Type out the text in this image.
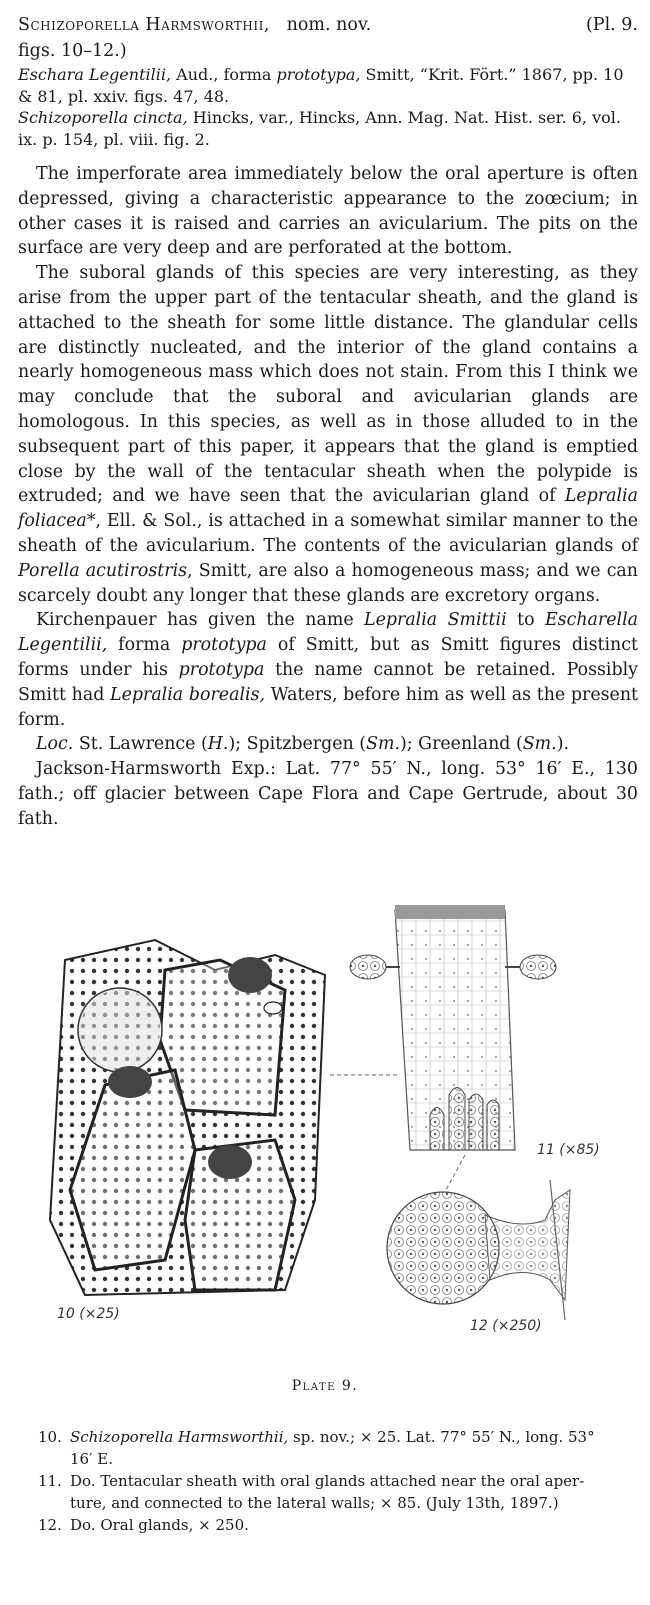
(Pl. 9.
Schizoporella Harmsworthii, nom. nov.
figs. 10–12.)

Eschara Legentilii, Aud., forma prototypa, Smitt, “Krit. Fört.” 1867, pp. 10 & 81, pl. xxiv. figs. 47, 48.

Schizoporella cincta, Hincks, var., Hincks, Ann. Mag. Nat. Hist. ser. 6, vol. ix. p. 154, pl. viii. fig. 2.

The imperforate area immediately below the oral aperture is often depressed, giving a characteristic appearance to the zoœcium; in other cases it is raised and carries an avicularium. The pits on the surface are very deep and are perforated at the bottom.

The suboral glands of this species are very interesting, as they arise from the upper part of the tentacular sheath, and the gland is attached to the sheath for some little distance. The glandular cells are distinctly nucleated, and the interior of the gland contains a nearly homogeneous mass which does not stain. From this I think we may conclude that the suboral and avicularian glands are homologous. In this species, as well as in those alluded to in the subsequent part of this paper, it appears that the gland is emptied close by the wall of the tentacular sheath when the polypide is extruded; and we have seen that the avicularian gland of Lepralia foliacea*, Ell. & Sol., is attached in a somewhat similar manner to the sheath of the avicularium. The contents of the avicularian glands of Porella acutirostris, Smitt, are also a homogeneous mass; and we can scarcely doubt any longer that these glands are excretory organs.

Kirchenpauer has given the name Lepralia Smittii to Escharella Legentilii, forma prototypa of Smitt, but as Smitt figures distinct forms under his prototypa the name cannot be retained. Possibly Smitt had Lepralia borealis, Waters, before him as well as the present form.

Loc. St. Lawrence (H.); Spitzbergen (Sm.); Greenland (Sm.).

Jackson-Harmsworth Exp.: Lat. 77° 55′ N., long. 53° 16′ E., 130 fath.; off glacier between Cape Flora and Cape Gertrude, about 30 fath.

10 (×25)
11 (×85)
12 (×250)
Plate 9.
10. Schizoporella Harmsworthii, sp. nov.; × 25. Lat. 77° 55′ N., long. 53°
16′ E.
11. Do. Tentacular sheath with oral glands attached near the oral aper-
ture, and connected to the lateral walls; × 85. (July 13th, 1897.)
12. Do. Oral glands, × 250.
